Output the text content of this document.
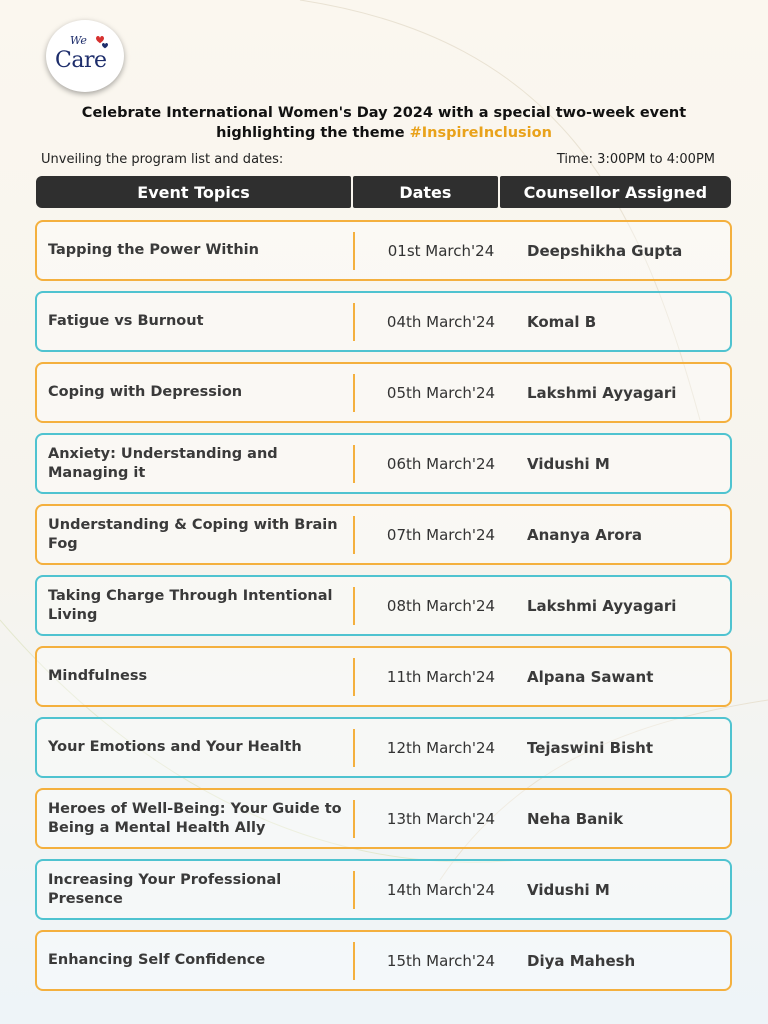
We
Care
Celebrate International Women's Day 2024 with a special two-week event
highlighting the theme #InspireInclusion
Unveiling the program list and dates:	Time: 3:00PM to 4:00PM
Event Topics	Dates	Counsellor Assigned
Tapping the Power Within	01st March'24	Deepshikha Gupta
Fatigue vs Burnout	04th March'24	Komal B
Coping with Depression	05th March'24	Lakshmi Ayyagari
Anxiety: Understanding and Managing it	06th March'24	Vidushi M
Understanding & Coping with Brain Fog	07th March'24	Ananya Arora
Taking Charge Through Intentional Living	08th March'24	Lakshmi Ayyagari
Mindfulness	11th March'24	Alpana Sawant
Your Emotions and Your Health	12th March'24	Tejaswini Bisht
Heroes of Well-Being: Your Guide to Being a Mental Health Ally	13th March'24	Neha Banik
Increasing Your Professional Presence	14th March'24	Vidushi M
Enhancing Self Confidence	15th March'24	Diya Mahesh
